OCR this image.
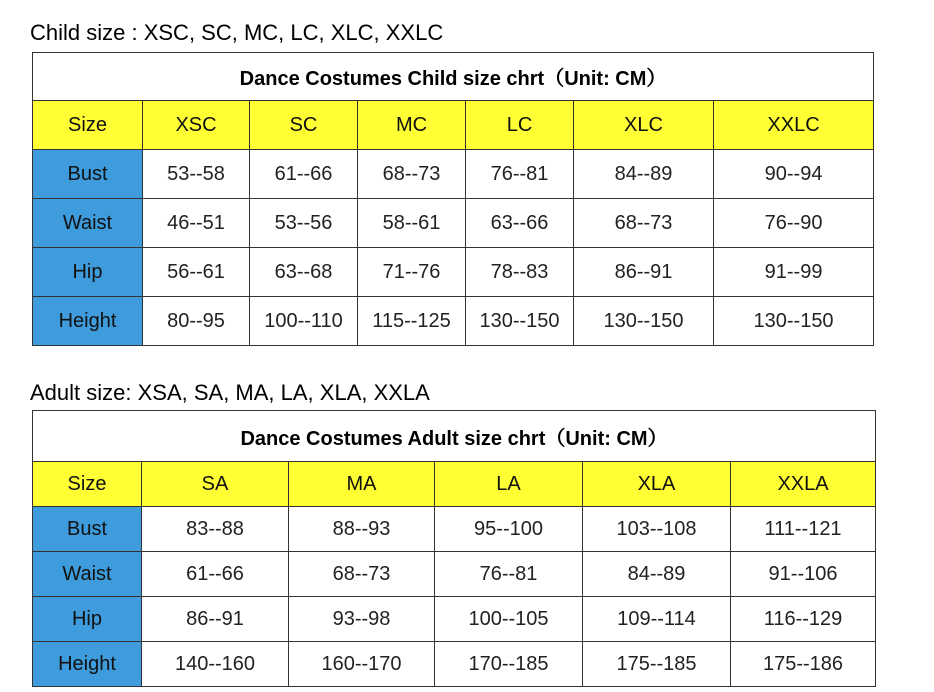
Child size : XSC, SC, MC, LC, XLC, XXLC
Dance Costumes Child size chrt（Unit: CM）						
Size	XSC	SC	MC	LC	XLC	XXLC
Bust	53--58	61--66	68--73	76--81	84--89	90--94
Waist	46--51	53--56	58--61	63--66	68--73	76--90
Hip	56--61	63--68	71--76	78--83	86--91	91--99
Height	80--95	100--110	115--125	130--150	130--150	130--150
Adult size: XSA, SA, MA, LA, XLA, XXLA
Dance Costumes Adult size chrt（Unit: CM）					
Size	SA	MA	LA	XLA	XXLA
Bust	83--88	88--93	95--100	103--108	111--121
Waist	61--66	68--73	76--81	84--89	91--106
Hip	86--91	93--98	100--105	109--114	116--129
Height	140--160	160--170	170--185	175--185	175--186
